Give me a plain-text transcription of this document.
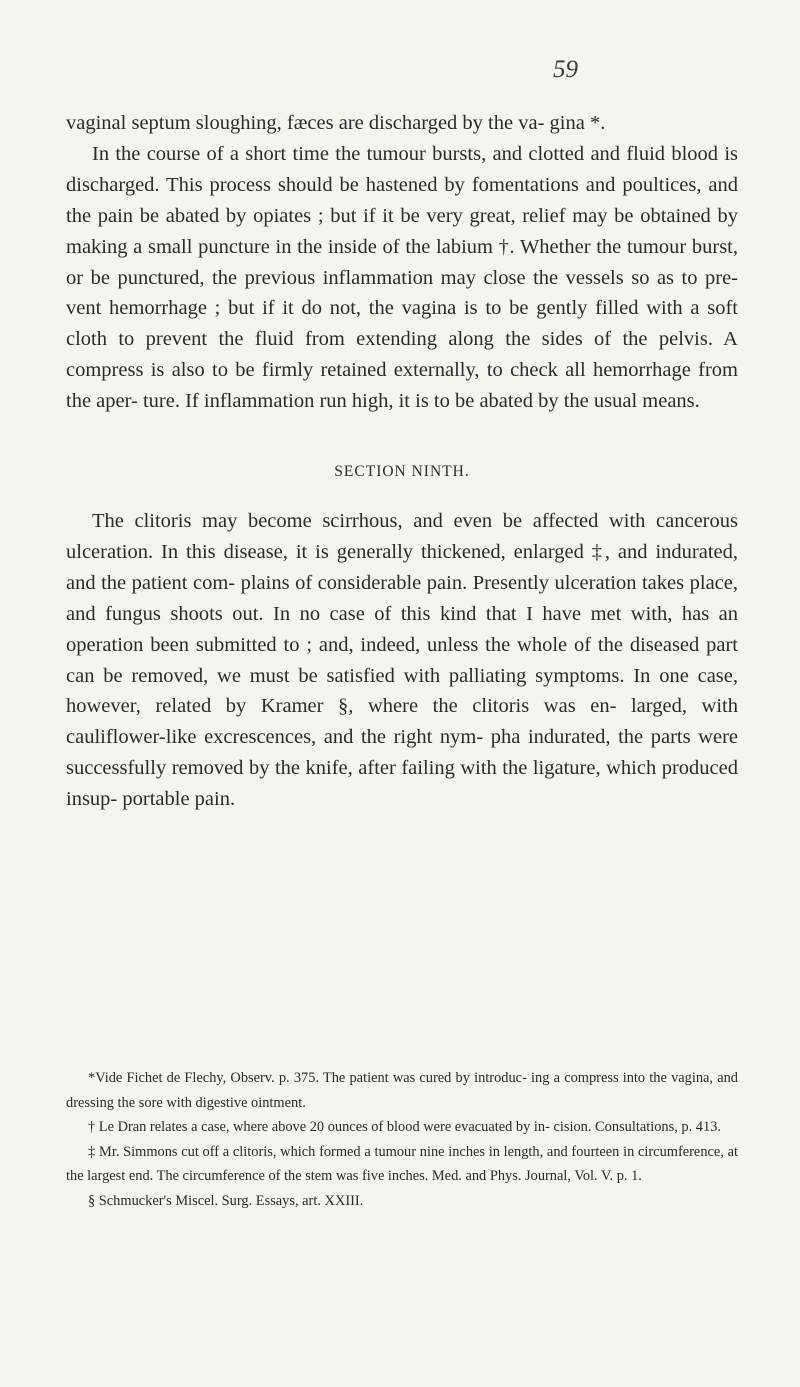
59

vaginal septum sloughing, fæces are discharged by the va- gina *.

In the course of a short time the tumour bursts, and clotted and fluid blood is discharged. This process should be hastened by fomentations and poultices, and the pain be abated by opiates ; but if it be very great, relief may be obtained by making a small puncture in the inside of the labium †. Whether the tumour burst, or be punctured, the previous inflammation may close the vessels so as to pre- vent hemorrhage ; but if it do not, the vagina is to be gently filled with a soft cloth to prevent the fluid from extending along the sides of the pelvis. A compress is also to be firmly retained externally, to check all hemorrhage from the aper- ture. If inflammation run high, it is to be abated by the usual means.

SECTION NINTH.

The clitoris may become scirrhous, and even be affected with cancerous ulceration. In this disease, it is generally thickened, enlarged ‡, and indurated, and the patient com- plains of considerable pain. Presently ulceration takes place, and fungus shoots out. In no case of this kind that I have met with, has an operation been submitted to ; and, indeed, unless the whole of the diseased part can be removed, we must be satisfied with palliating symptoms. In one case, however, related by Kramer §, where the clitoris was en- larged, with cauliflower-like excrescences, and the right nym- pha indurated, the parts were successfully removed by the knife, after failing with the ligature, which produced insup- portable pain.

*Vide Fichet de Flechy, Observ. p. 375. The patient was cured by introduc- ing a compress into the vagina, and dressing the sore with digestive ointment.

† Le Dran relates a case, where above 20 ounces of blood were evacuated by in- cision. Consultations, p. 413.

‡ Mr. Simmons cut off a clitoris, which formed a tumour nine inches in length, and fourteen in circumference, at the largest end. The circumference of the stem was five inches. Med. and Phys. Journal, Vol. V. p. 1.

§ Schmucker's Miscel. Surg. Essays, art. XXIII.
